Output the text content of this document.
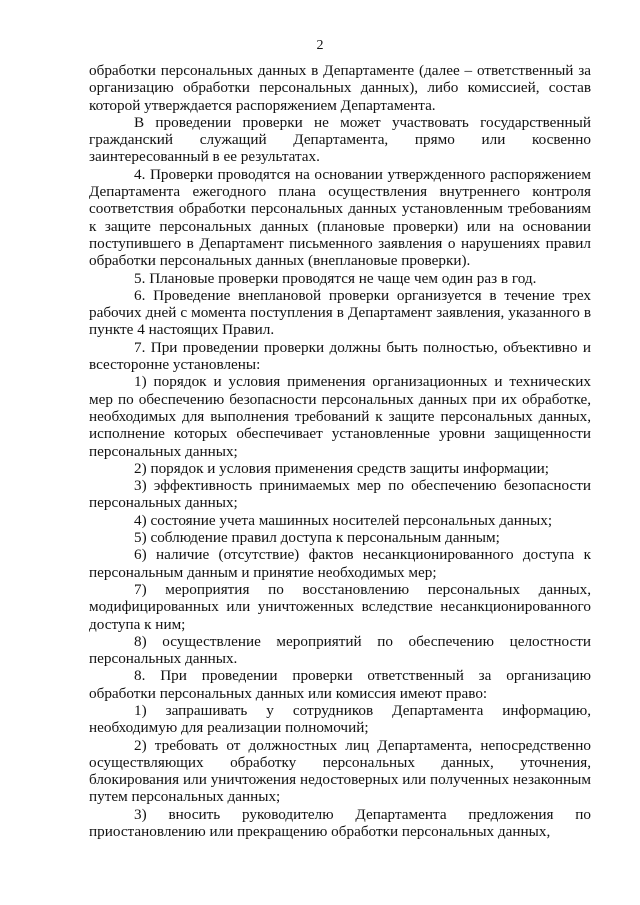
2

обработки персональных данных в Департаменте (далее – ответственный за организацию обработки персональных данных), либо комиссией, состав которой утверждается распоряжением Департамента.

В проведении проверки не может участвовать государственный гражданский служащий Департамента, прямо или косвенно заинтересованный в ее результатах.

4. Проверки проводятся на основании утвержденного распоряжением Департамента ежегодного плана осуществления внутреннего контроля соответствия обработки персональных данных установленным требованиям к защите персональных данных (плановые проверки) или на основании поступившего в Департамент письменного заявления о нарушениях правил обработки персональных данных (внеплановые проверки).

5. Плановые проверки проводятся не чаще чем один раз в год.

6. Проведение внеплановой проверки организуется в течение трех рабочих дней с момента поступления в Департамент заявления, указанного в пункте 4 настоящих Правил.

7. При проведении проверки должны быть полностью, объективно и всесторонне установлены:

1) порядок и условия применения организационных и технических мер по обеспечению безопасности персональных данных при их обработке, необходимых для выполнения требований к защите персональных данных, исполнение которых обеспечивает установленные уровни защищенности персональных данных;

2) порядок и условия применения средств защиты информации;

3) эффективность принимаемых мер по обеспечению безопасности персональных данных;

4) состояние учета машинных носителей персональных данных;

5) соблюдение правил доступа к персональным данным;

6) наличие (отсутствие) фактов несанкционированного доступа к персональным данным и принятие необходимых мер;

7) мероприятия по восстановлению персональных данных, модифицированных или уничтоженных вследствие несанкционированного доступа к ним;

8) осуществление мероприятий по обеспечению целостности персональных данных.

8. При проведении проверки ответственный за организацию обработки персональных данных или комиссия имеют право:

1) запрашивать у сотрудников Департамента информацию, необходимую для реализации полномочий;

2) требовать от должностных лиц Департамента, непосредственно осуществляющих обработку персональных данных, уточнения, блокирования или уничтожения недостоверных или полученных незаконным путем персональных данных;

3) вносить руководителю Департамента предложения по приостановлению или прекращению обработки персональных данных,
